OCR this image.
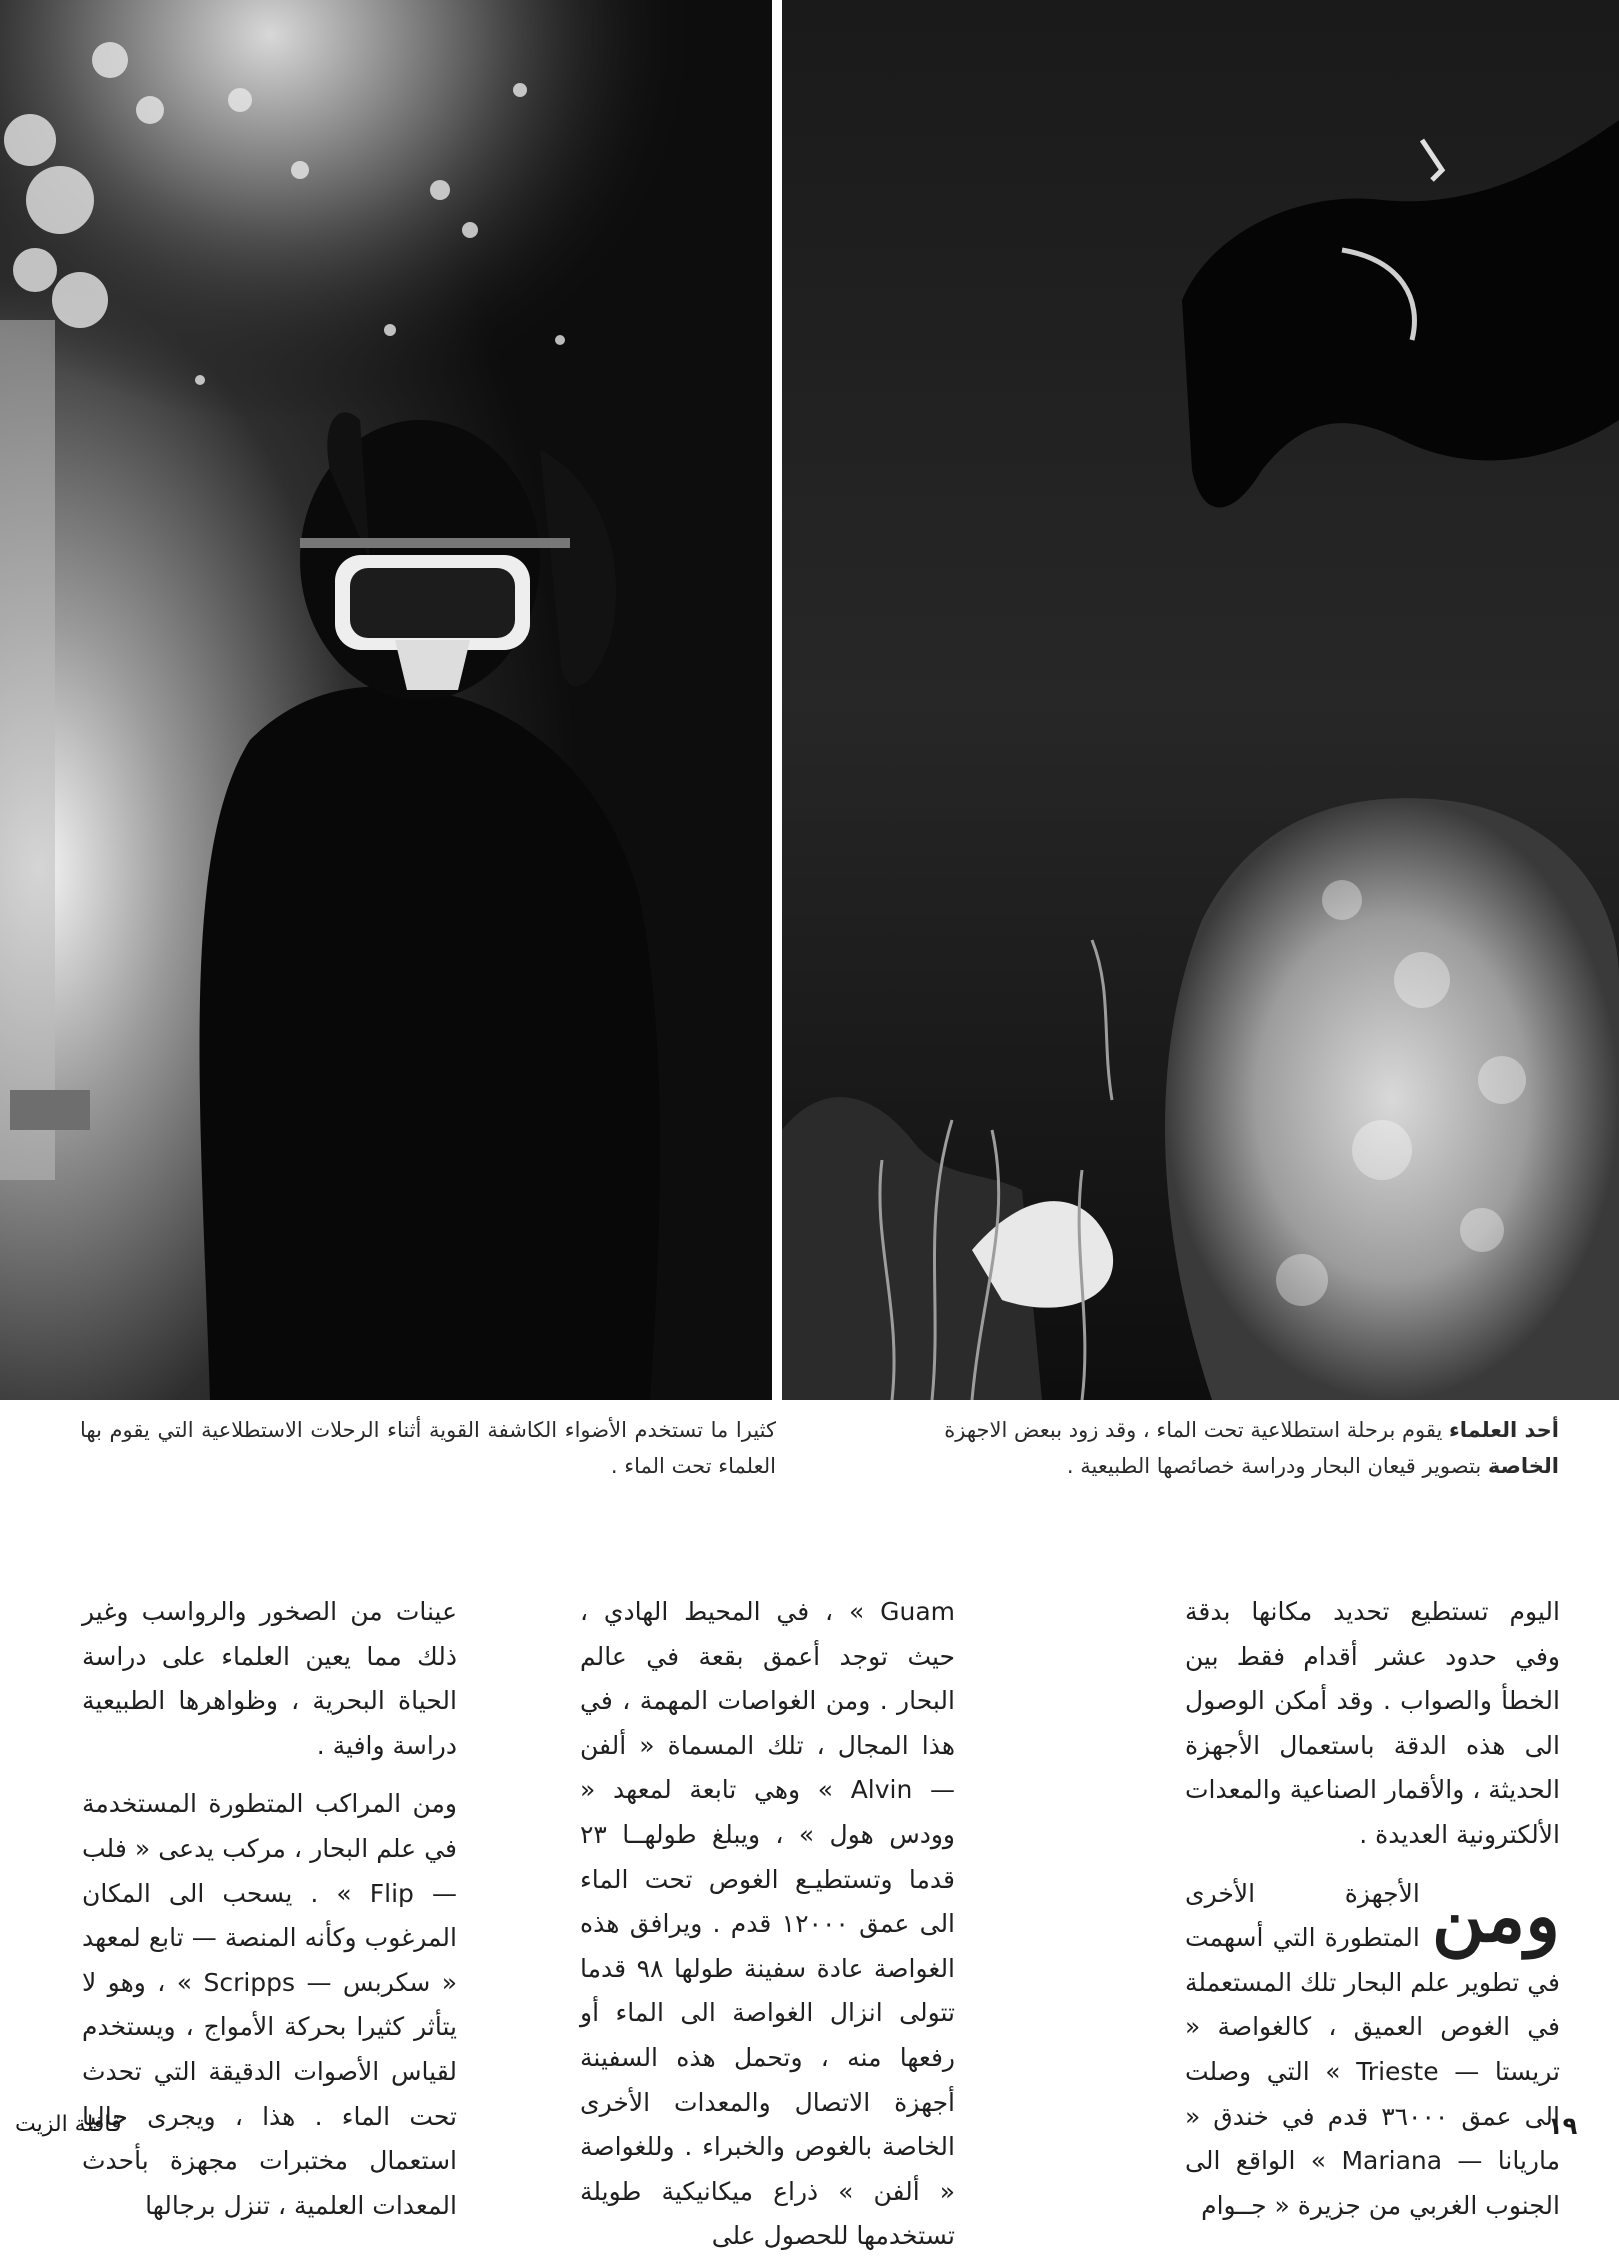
أحد العلماء يقوم برحلة استطلاعية تحت الماء ، وقد زود ببعض الاجهزة
الخاصة بتصوير قيعان البحار ودراسة خصائصها الطبيعية .
كثيرا ما تستخدم الأضواء الكاشفة القوية أثناء الرحلات الاستطلاعية التي يقوم بها العلماء تحت الماء .

اليوم تستطيع تحديد مكانها بدقة وفي حدود عشر أقدام فقط بين الخطأ والصواب . وقد أمكن الوصول الى هذه الدقة باستعمال الأجهزة الحديثة ، والأقمار الصناعية والمعدات الألكترونية العديدة .

ومن
الأجهزة الأخرى المتطورة التي أسهمت في تطوير علم البحار تلك المستعملة في الغوص العميق ، كالغواصة « تريستا — Trieste » التي وصلت الى عمق ٣٦٠٠٠ قدم في خندق « ماريانا — Mariana » الواقع الى الجنوب الغربي من جزيرة « جــوام

Guam » ، في المحيط الهادي ، حيث توجد أعمق بقعة في عالم البحار . ومن الغواصات المهمة ، في هذا المجال ، تلك المسماة « ألفن — Alvin » وهي تابعة لمعهد « وودس هول » ، ويبلغ طولهــا ٢٣ قدما وتستطيـع الغوص تحت الماء الى عمق ١٢٠٠٠ قدم . ويرافق هذه الغواصة عادة سفينة طولها ٩٨ قدما تتولى انزال الغواصة الى الماء أو رفعها منه ، وتحمل هذه السفينة أجهزة الاتصال والمعدات الأخرى الخاصة بالغوص والخبراء . وللغواصة « ألفن » ذراع ميكانيكية طويلة تستخدمها للحصول على

عينات من الصخور والرواسب وغير ذلك مما يعين العلماء على دراسة الحياة البحرية ، وظواهرها الطبيعية دراسة وافية .

ومن المراكب المتطورة المستخدمة في علم البحار ، مركب يدعى « فلب — Flip » . يسحب الى المكان المرغوب وكأنه المنصة — تابع لمعهد « سكربس — Scripps » ، وهو لا يتأثر كثيرا بحركة الأمواج ، ويستخدم لقياس الأصوات الدقيقة التي تحدث تحت الماء . هذا ، ويجرى حاليا استعمال مختبرات مجهزة بأحدث المعدات العلمية ، تنزل برجالها

١٩
قافلة الزيت
